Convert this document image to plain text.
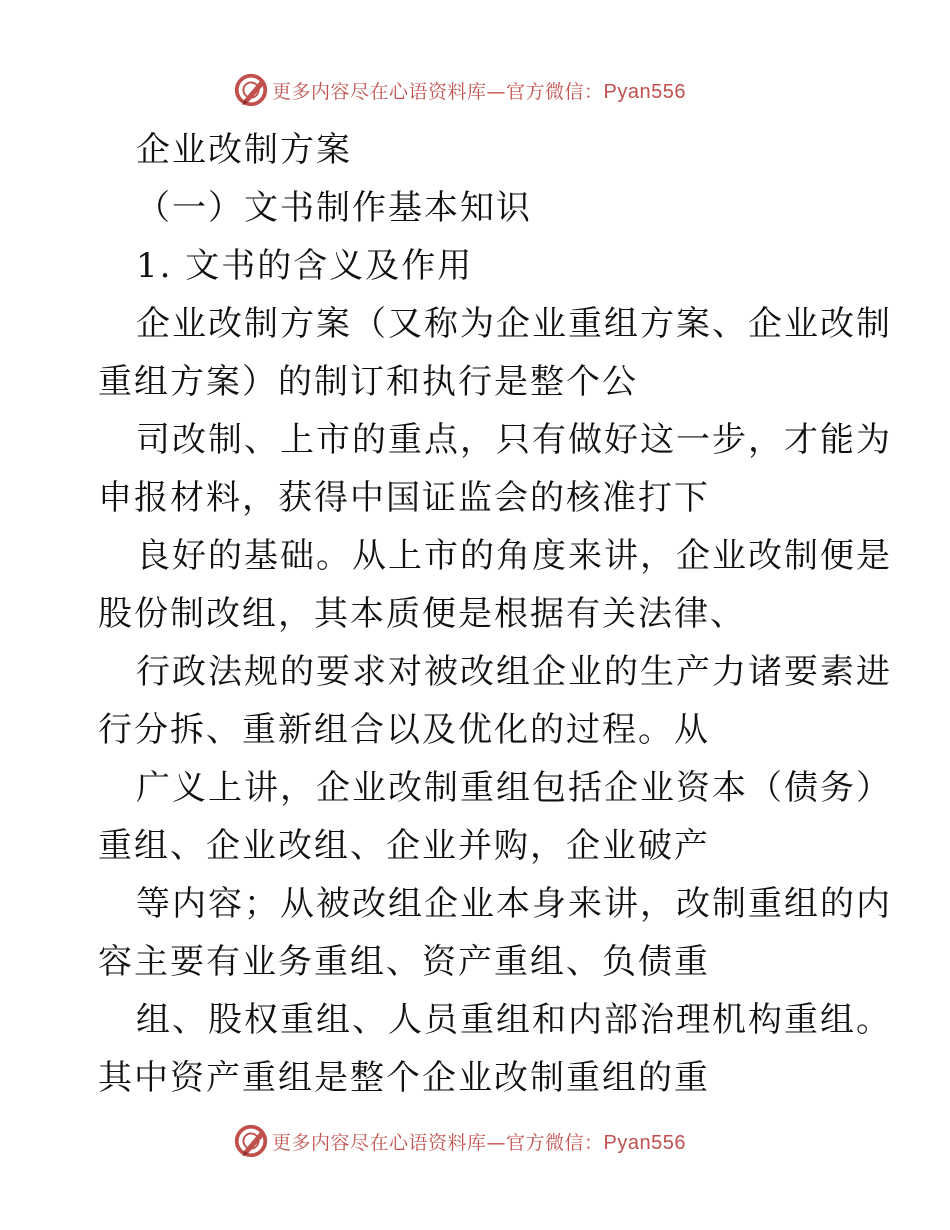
更多内容尽在心语资料库—官方微信：Pyan556
企业改制方案
（一）文书制作基本知识
1. 文书的含义及作用
企业改制方案（又称为企业重组方案、企业改制
重组方案）的制订和执行是整个公
司改制、上市的重点，只有做好这一步，才能为
申报材料，获得中国证监会的核准打下
良好的基础。从上市的角度来讲，企业改制便是
股份制改组，其本质便是根据有关法律、
行政法规的要求对被改组企业的生产力诸要素进
行分拆、重新组合以及优化的过程。从
广义上讲，企业改制重组包括企业资本（债务）
重组、企业改组、企业并购，企业破产
等内容；从被改组企业本身来讲，改制重组的内
容主要有业务重组、资产重组、负债重
组、股权重组、人员重组和内部治理机构重组。
其中资产重组是整个企业改制重组的重
更多内容尽在心语资料库—官方微信：Pyan556
